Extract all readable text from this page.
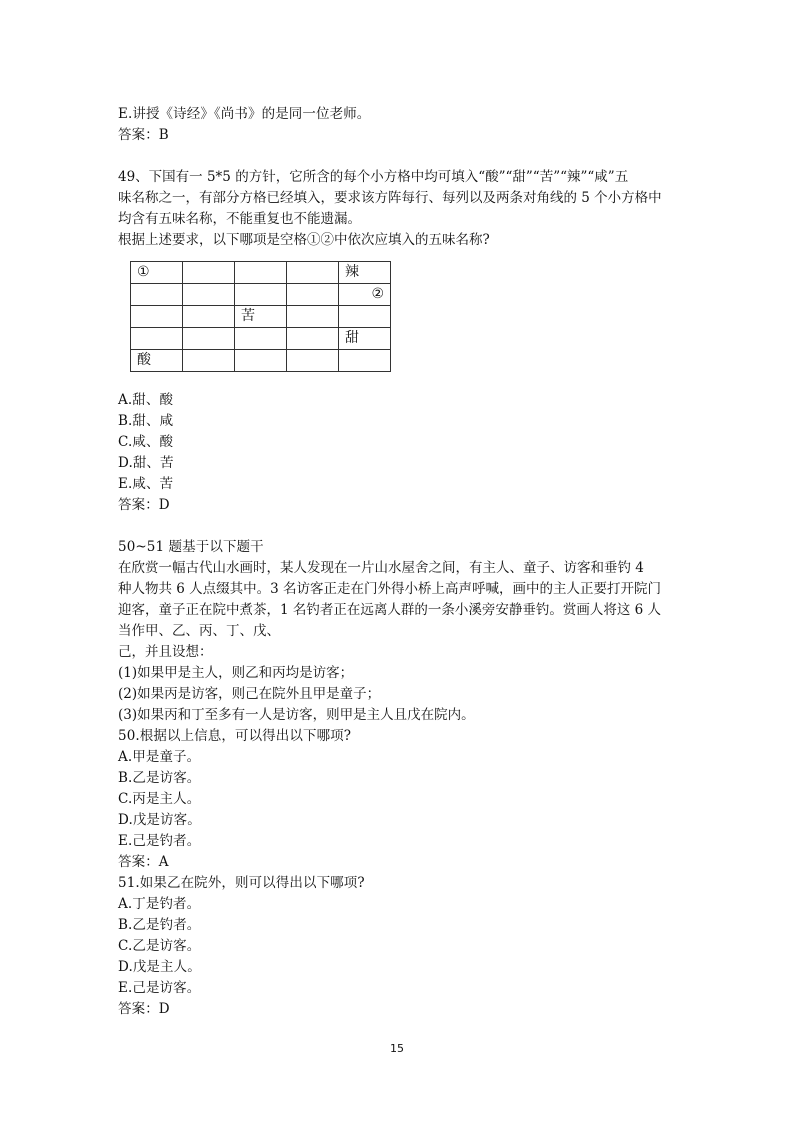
E.讲授《诗经》《尚书》的是同一位老师。
答案：B
49、下国有一 5*5 的方针，它所含的每个小方格中均可填入“酸”“甜”“苦”“辣”“咸”五
味名称之一，有部分方格已经填入，要求该方阵每行、每列以及两条对角线的 5 个小方格中
均含有五味名称，不能重复也不能遗漏。
根据上述要求，以下哪项是空格①②中依次应填入的五味名称?
①				辣
				②
		苦		
				甜
酸				
A.甜、酸
B.甜、咸
C.咸、酸
D.甜、苦
E.咸、苦
答案：D
50~51 题基于以下题干
在欣赏一幅古代山水画时，某人发现在一片山水屋舍之间，有主人、童子、访客和垂钓 4
种人物共 6 人点缀其中。3 名访客正走在门外得小桥上高声呼喊，画中的主人正要打开院门
迎客，童子正在院中煮茶，1 名钓者正在远离人群的一条小溪旁安静垂钓。赏画人将这 6 人
当作甲、乙、丙、丁、戊、
己，并且设想：
(1)如果甲是主人，则乙和丙均是访客；
(2)如果丙是访客，则己在院外且甲是童子；
(3)如果丙和丁至多有一人是访客，则甲是主人且戊在院内。
50.根据以上信息，可以得出以下哪项?
A.甲是童子。
B.乙是访客。
C.丙是主人。
D.戊是访客。
E.己是钓者。
答案：A
51.如果乙在院外，则可以得出以下哪项?
A.丁是钓者。
B.乙是钓者。
C.乙是访客。
D.戊是主人。
E.己是访客。
答案：D
15
